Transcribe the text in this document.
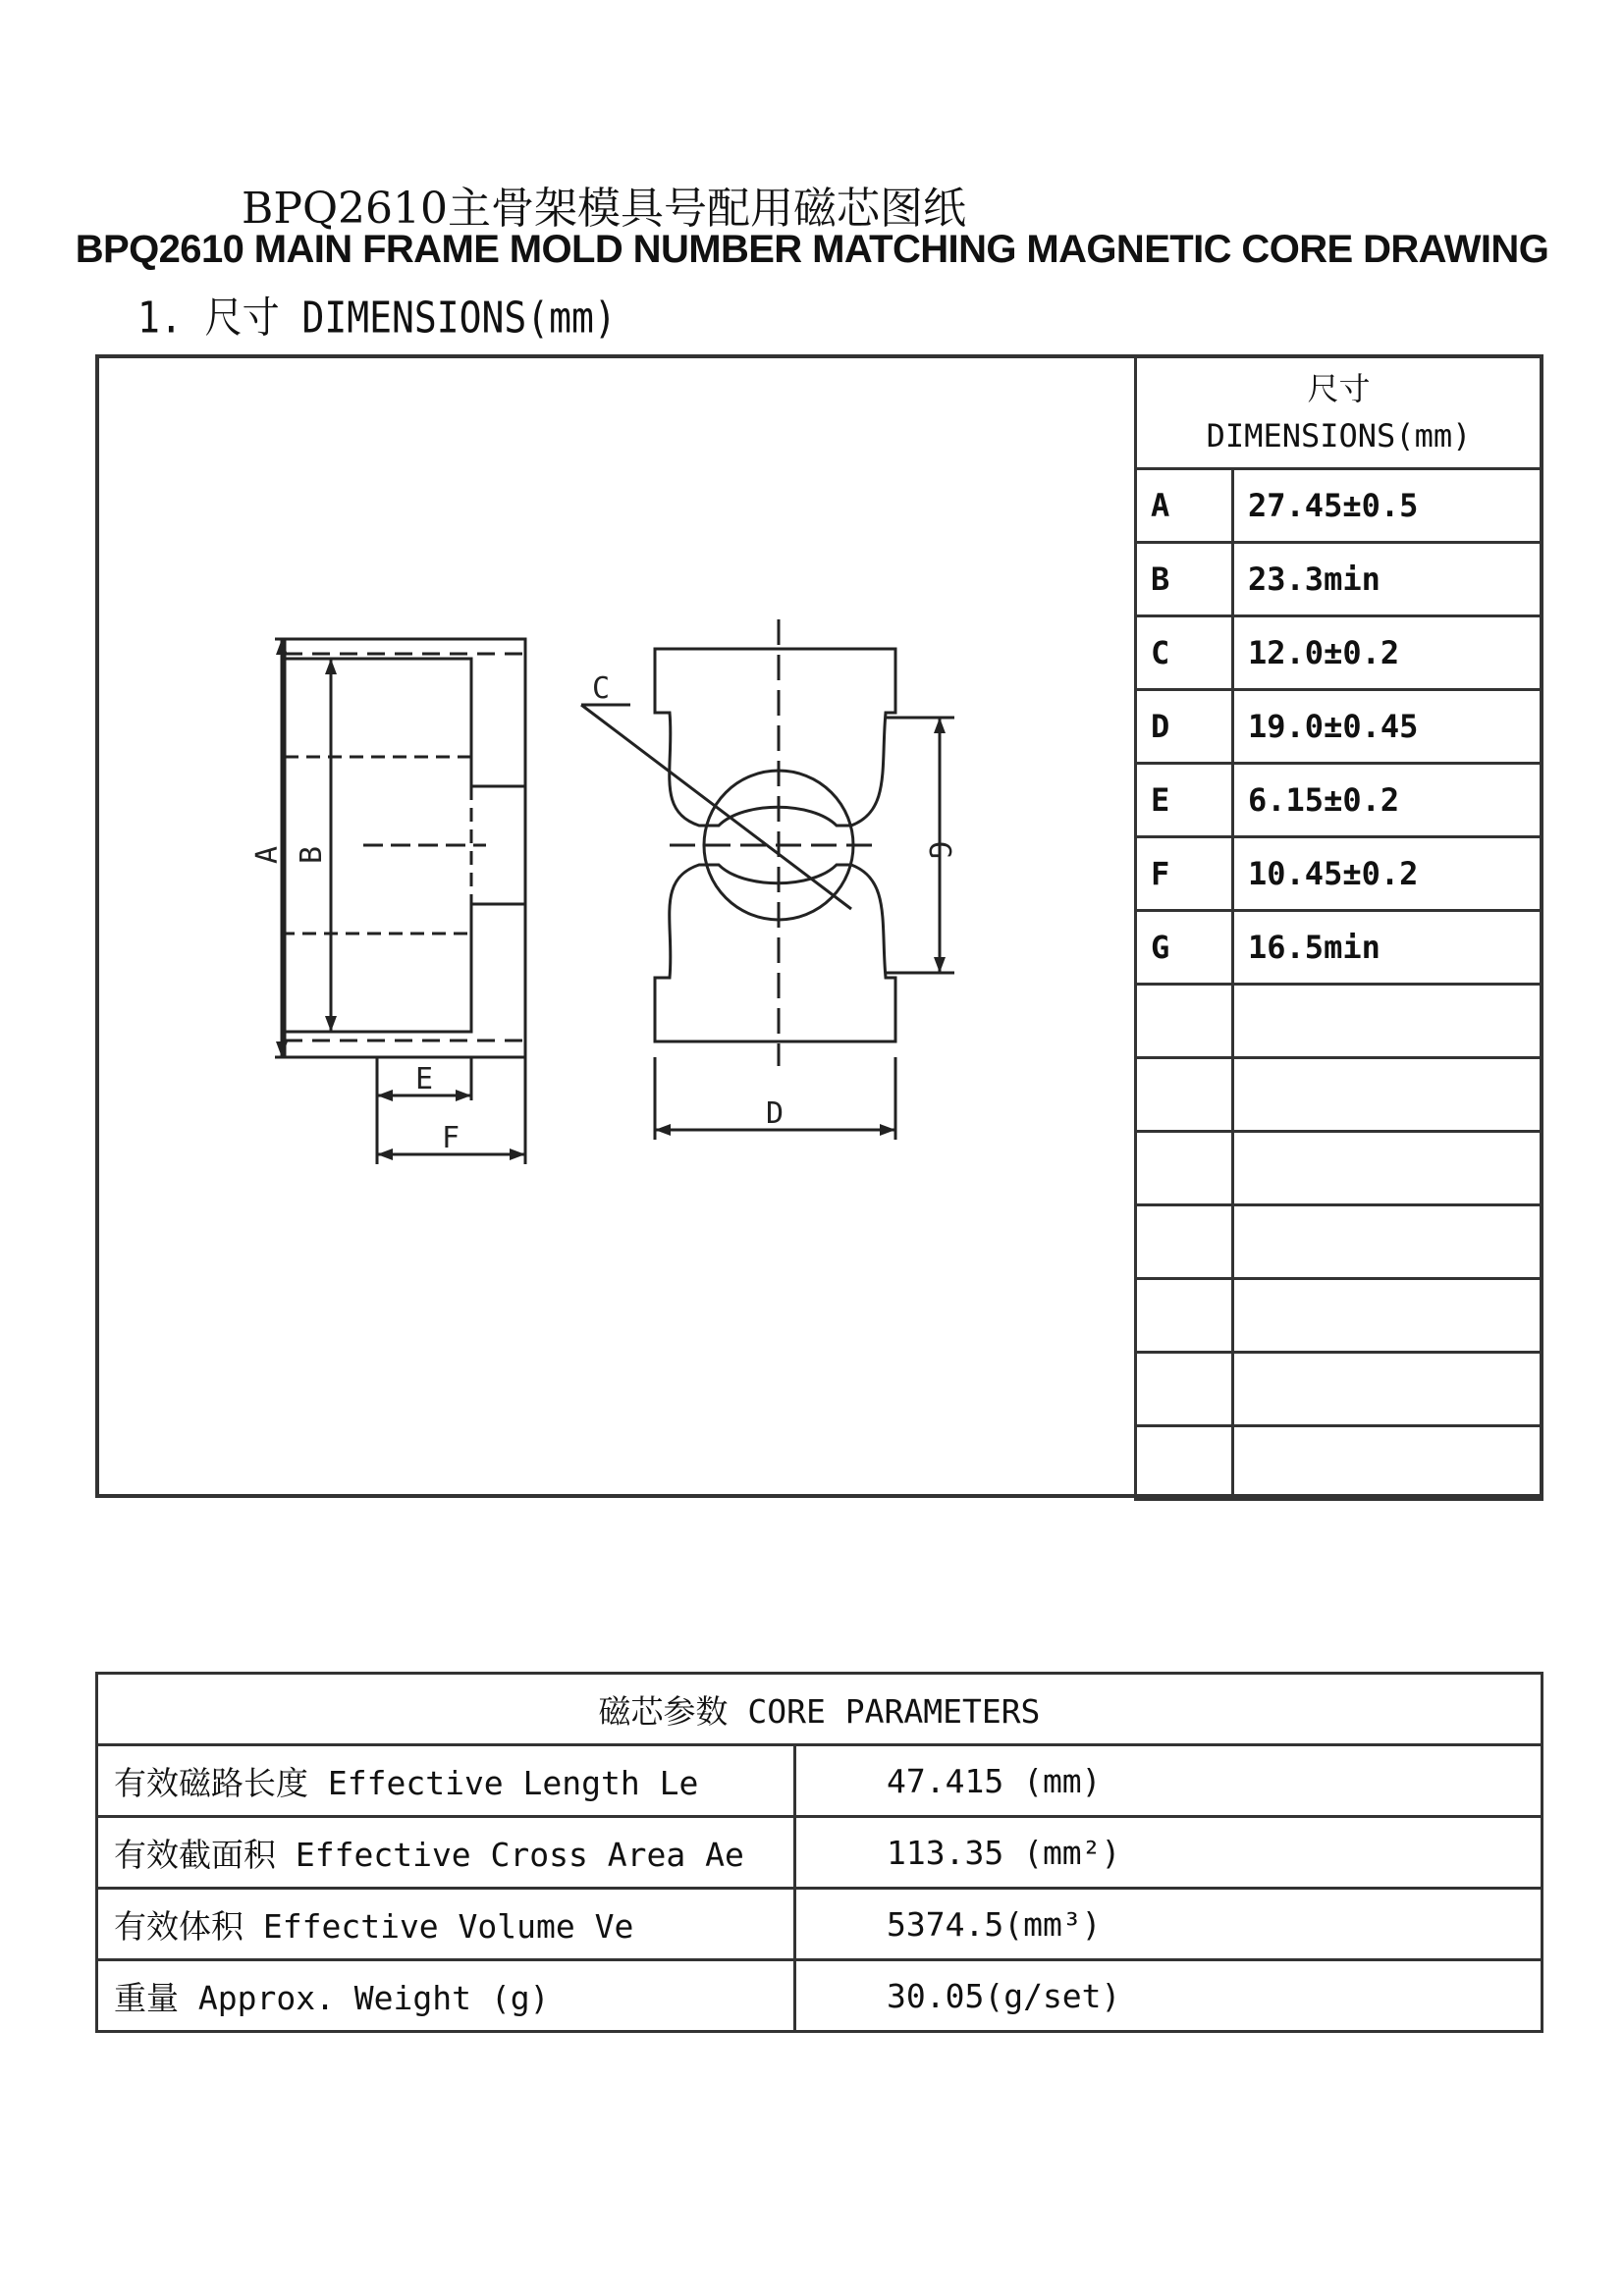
BPQ2610主骨架模具号配用磁芯图纸
BPQ2610 MAIN FRAME MOLD NUMBER MATCHING MAGNETIC CORE DRAWING
1. 尺寸 DIMENSIONS(mm)
A B
C
D
E
F
G
尺寸
DIMENSIONS(mm)	

A	27.45±0.5
B	23.3min
C	12.0±0.2
D	19.0±0.45
E	6.15±0.2
F	10.45±0.2
G	16.5min

磁芯参数 CORE PARAMETERS	
有效磁路长度 Effective Length Le	47.415 (mm)
有效截面积 Effective Cross Area Ae	113.35 (mm²)
有效体积 Effective Volume Ve	5374.5(mm³)
重量 Approx. Weight (g)	30.05(g/set)
